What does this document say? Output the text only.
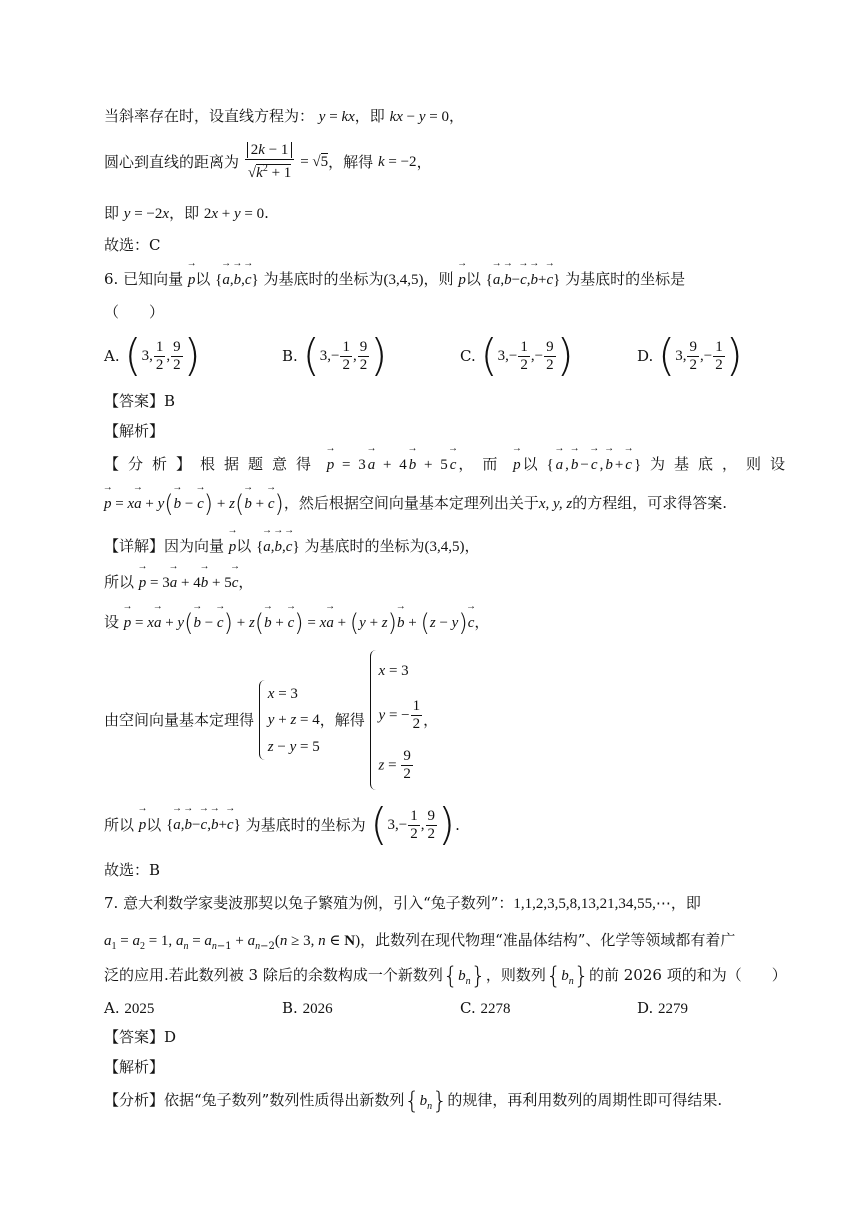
当斜率存在时，设直线方程为： y = kx，即 kx − y = 0，
圆心到直线的距离为 $\frac{2k - 1}{√k^2 + 1} = √5$，解得 k = −2，
即 y = −2x，即 2x + y = 0.
故选：C
6. 已知向量 → p以 {→ a,→ b,→ c} 为基底时的坐标为(3,4,5)，则 → p以 {→ a,→ b−→ c,→ b+→ c} 为基底时的坐标是
（　　）
A. (3, $\frac{1}{2}$ , $\frac{9}{2}$ )	B. ($3,- \frac{1}{2}$ , $\frac{9}{2}$ )	C. ($3,- \frac{1}{2}$ ,− $\frac{9}{2}$ )	D. (3, $\frac{9}{2}$ ,− $\frac{1}{2}$ )
【答案】B
【解析】
【分析】根据题意得 → p = 3→ a + 4→ b + 5→ c，而 → p以 {→ a,→ b−→ c,→ b+→ c} 为基底，则设
→ p = x→ a + y(→ b − → c) + z(→ b + → c)，然后根据空间向量基本定理列出关于x, y, z的方程组，可求得答案.
【详解】因为向量 → p以 {→ a,→ b,→ c} 为基底时的坐标为(3,4,5)，
所以 → p = 3→ a + 4→ b + 5→ c，
设 → p = x→ a + y(→ b − → c) + z(→ b + → c) = x→ a + (y + z)→ b + (z − y)→ c，
由空间向量基本定理得
x = 3
y + z = 4
z − y = 5
，解得
x = 3
y = − $\frac{1}{2}$
$z = \frac{9}{2}$
，
所以 → p以 {→ a,→ b−→ c,→ b+→ c} 为基底时的坐标为 ($3,- \frac{1}{2}$ , $\frac{9}{2}$ ).
故选：B
7. 意大利数学家斐波那契以兔子繁殖为例，引入“兔子数列”：1,1,2,3,5,8,13,21,34,55,⋯，即
$a_1 = a_2 = 1$, $a_n = a_{n-1} + a_{n-2}(n \ge 3$, n ∈ N)，此数列在现代物理“准晶体结构”、化学等领域都有着广
泛的应用.若此数列被 3 除后的余数构成一个新数列$\{b_n\}$，则数列$\{b_n\}$的前 2026 项的和为（　　）
A. 2025	B. 2026	C. 2278	D. 2279
【答案】D
【解析】
【分析】依据“兔子数列”数列性质得出新数列$\{b_n\}$的规律，再利用数列的周期性即可得结果.
